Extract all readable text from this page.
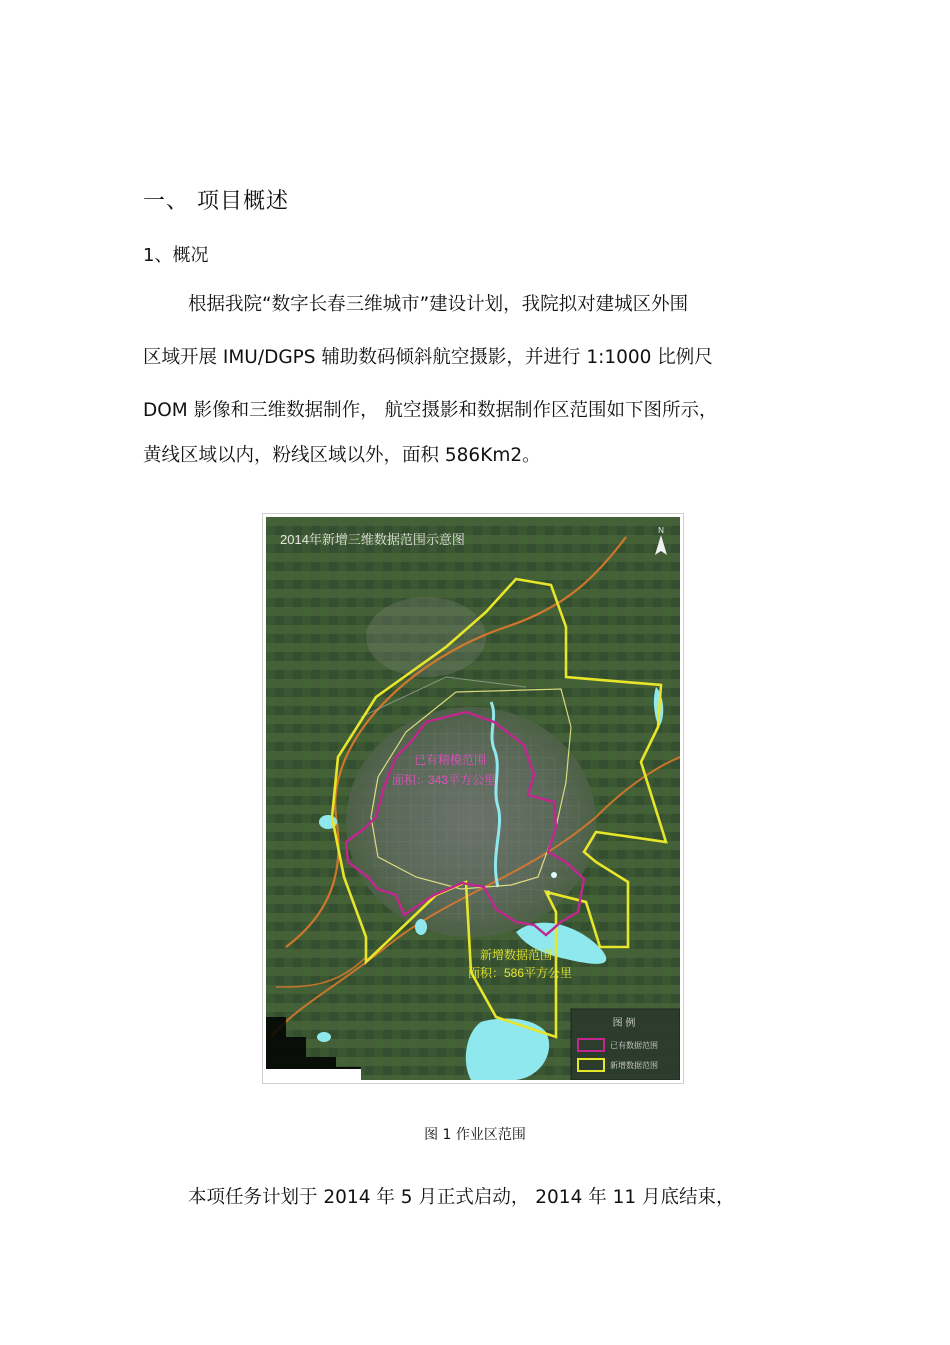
一、 项目概述
1、概况
根据我院“数字长春三维城市”建设计划，我院拟对建城区外围
区域开展 IMU/DGPS 辅助数码倾斜航空摄影，并进行 1:1000 比例尺
DOM 影像和三维数据制作， 航空摄影和数据制作区范围如下图所示，
黄线区域以内，粉线区域以外，面积 586Km2。
2014年新增三维数据范围示意图
N
已有精模范围
面积：343平方公里
新增数据范围
面积：586平方公里
图 例
已有数据范围
新增数据范围
图 1 作业区范围
本项任务计划于 2014 年 5 月正式启动， 2014 年 11 月底结束，
